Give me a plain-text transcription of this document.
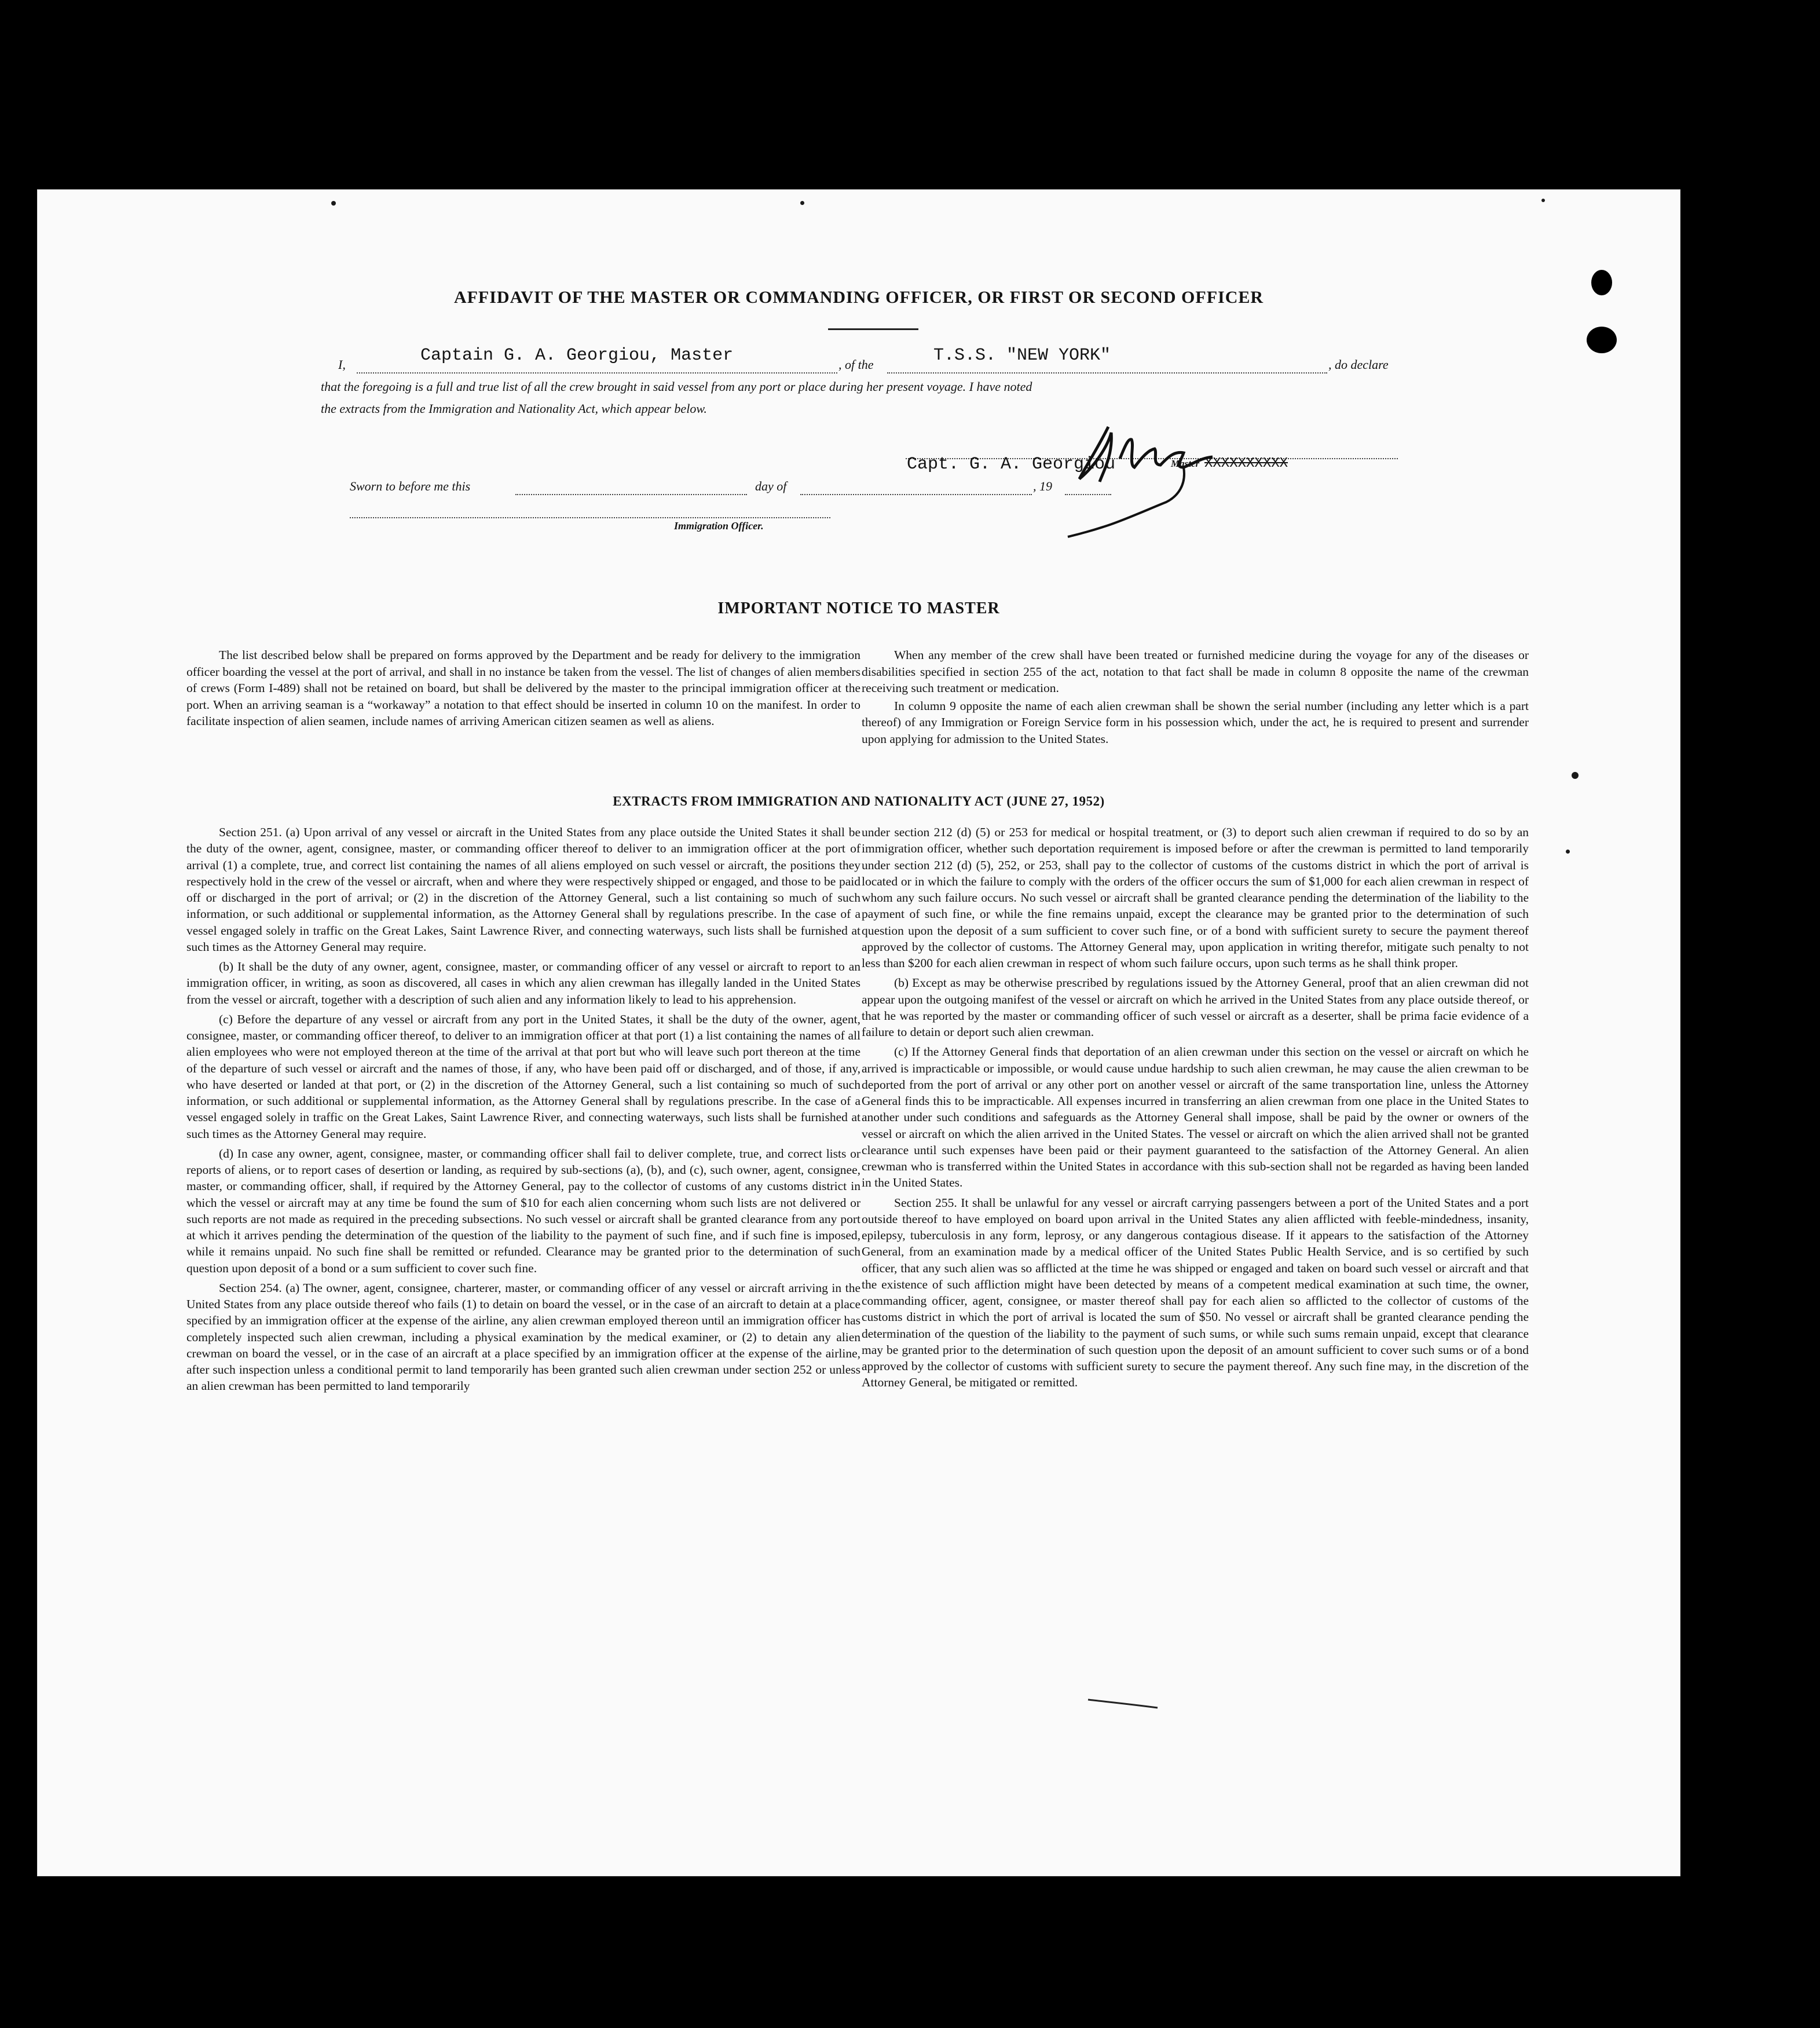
AFFIDAVIT OF THE MASTER OR COMMANDING OFFICER, OR FIRST OR SECOND OFFICER
I,	Captain G. A. Georgiou, Master	, of the	T.S.S. "NEW YORK"	, do declare
that the foregoing is a full and true list of all the crew brought in said vessel from any port or place during her present voyage. I have noted
the extracts from the Immigration and Nationality Act, which appear below.
Sworn to before me this	day of	, 19
Capt. G. A. Georgiou	Master XXXXXXXXXX
Immigration Officer.
IMPORTANT NOTICE TO MASTER

The list described below shall be prepared on forms approved by the Department and be ready for delivery to the immigration officer boarding the vessel at the port of arrival, and shall in no instance be taken from the vessel. The list of changes of alien members of crews (Form I-489) shall not be retained on board, but shall be delivered by the master to the principal immigration officer at the port. When an arriving seaman is a “workaway” a notation to that effect should be inserted in column 10 on the manifest. In order to facilitate inspection of alien seamen, include names of arriving American citizen seamen as well as aliens.

When any member of the crew shall have been treated or furnished medicine during the voyage for any of the diseases or disabilities specified in section 255 of the act, notation to that fact shall be made in column 8 opposite the name of the crewman receiving such treatment or medication.

In column 9 opposite the name of each alien crewman shall be shown the serial number (including any letter which is a part thereof) of any Immigration or Foreign Service form in his possession which, under the act, he is required to present and surrender upon applying for admission to the United States.

EXTRACTS FROM IMMIGRATION AND NATIONALITY ACT (JUNE 27, 1952)

Section 251. (a) Upon arrival of any vessel or aircraft in the United States from any place outside the United States it shall be the duty of the owner, agent, consignee, master, or commanding officer thereof to deliver to an immigration officer at the port of arrival (1) a complete, true, and correct list containing the names of all aliens employed on such vessel or aircraft, the positions they respectively hold in the crew of the vessel or aircraft, when and where they were respectively shipped or engaged, and those to be paid off or discharged in the port of arrival; or (2) in the discretion of the Attorney General, such a list containing so much of such information, or such additional or supplemental information, as the Attorney General shall by regulations prescribe. In the case of a vessel engaged solely in traffic on the Great Lakes, Saint Lawrence River, and connecting waterways, such lists shall be furnished at such times as the Attorney General may require.

(b) It shall be the duty of any owner, agent, consignee, master, or commanding officer of any vessel or aircraft to report to an immigration officer, in writing, as soon as discovered, all cases in which any alien crewman has illegally landed in the United States from the vessel or aircraft, together with a description of such alien and any information likely to lead to his apprehension.

(c) Before the departure of any vessel or aircraft from any port in the United States, it shall be the duty of the owner, agent, consignee, master, or commanding officer thereof, to deliver to an immigration officer at that port (1) a list containing the names of all alien employees who were not employed thereon at the time of the arrival at that port but who will leave such port thereon at the time of the departure of such vessel or aircraft and the names of those, if any, who have been paid off or discharged, and of those, if any, who have deserted or landed at that port, or (2) in the discretion of the Attorney General, such a list containing so much of such information, or such additional or supplemental information, as the Attorney General shall by regulations prescribe. In the case of a vessel engaged solely in traffic on the Great Lakes, Saint Lawrence River, and connecting waterways, such lists shall be furnished at such times as the Attorney General may require.

(d) In case any owner, agent, consignee, master, or commanding officer shall fail to deliver complete, true, and correct lists or reports of aliens, or to report cases of desertion or landing, as required by sub-sections (a), (b), and (c), such owner, agent, consignee, master, or commanding officer, shall, if required by the Attorney General, pay to the collector of customs of any customs district in which the vessel or aircraft may at any time be found the sum of $10 for each alien concerning whom such lists are not delivered or such reports are not made as required in the preceding subsections. No such vessel or aircraft shall be granted clearance from any port at which it arrives pending the determination of the question of the liability to the payment of such fine, and if such fine is imposed, while it remains unpaid. No such fine shall be remitted or refunded. Clearance may be granted prior to the determination of such question upon deposit of a bond or a sum sufficient to cover such fine.

Section 254. (a) The owner, agent, consignee, charterer, master, or commanding officer of any vessel or aircraft arriving in the United States from any place outside thereof who fails (1) to detain on board the vessel, or in the case of an aircraft to detain at a place specified by an immigration officer at the expense of the airline, any alien crewman employed thereon until an immigration officer has completely inspected such alien crewman, including a physical examination by the medical examiner, or (2) to detain any alien crewman on board the vessel, or in the case of an aircraft at a place specified by an immigration officer at the expense of the airline, after such inspection unless a conditional permit to land temporarily has been granted such alien crewman under section 252 or unless an alien crewman has been permitted to land temporarily

under section 212 (d) (5) or 253 for medical or hospital treatment, or (3) to deport such alien crewman if required to do so by an immigration officer, whether such deportation requirement is imposed before or after the crewman is permitted to land temporarily under section 212 (d) (5), 252, or 253, shall pay to the collector of customs of the customs district in which the port of arrival is located or in which the failure to comply with the orders of the officer occurs the sum of $1,000 for each alien crewman in respect of whom any such failure occurs. No such vessel or aircraft shall be granted clearance pending the determination of the liability to the payment of such fine, or while the fine remains unpaid, except the clearance may be granted prior to the determination of such question upon the deposit of a sum sufficient to cover such fine, or of a bond with sufficient surety to secure the payment thereof approved by the collector of customs. The Attorney General may, upon application in writing therefor, mitigate such penalty to not less than $200 for each alien crewman in respect of whom such failure occurs, upon such terms as he shall think proper.

(b) Except as may be otherwise prescribed by regulations issued by the Attorney General, proof that an alien crewman did not appear upon the outgoing manifest of the vessel or aircraft on which he arrived in the United States from any place outside thereof, or that he was reported by the master or commanding officer of such vessel or aircraft as a deserter, shall be prima facie evidence of a failure to detain or deport such alien crewman.

(c) If the Attorney General finds that deportation of an alien crewman under this section on the vessel or aircraft on which he arrived is impracticable or impossible, or would cause undue hardship to such alien crewman, he may cause the alien crewman to be deported from the port of arrival or any other port on another vessel or aircraft of the same transportation line, unless the Attorney General finds this to be impracticable. All expenses incurred in transferring an alien crewman from one place in the United States to another under such conditions and safeguards as the Attorney General shall impose, shall be paid by the owner or owners of the vessel or aircraft on which the alien arrived in the United States. The vessel or aircraft on which the alien arrived shall not be granted clearance until such expenses have been paid or their payment guaranteed to the satisfaction of the Attorney General. An alien crewman who is transferred within the United States in accordance with this sub-section shall not be regarded as having been landed in the United States.

Section 255. It shall be unlawful for any vessel or aircraft carrying passengers between a port of the United States and a port outside thereof to have employed on board upon arrival in the United States any alien afflicted with feeble-mindedness, insanity, epilepsy, tuberculosis in any form, leprosy, or any dangerous contagious disease. If it appears to the satisfaction of the Attorney General, from an examination made by a medical officer of the United States Public Health Service, and is so certified by such officer, that any such alien was so afflicted at the time he was shipped or engaged and taken on board such vessel or aircraft and that the existence of such affliction might have been detected by means of a competent medical examination at such time, the owner, commanding officer, agent, consignee, or master thereof shall pay for each alien so afflicted to the collector of customs of the customs district in which the port of arrival is located the sum of $50. No vessel or aircraft shall be granted clearance pending the determination of the question of the liability to the payment of such sums, or while such sums remain unpaid, except that clearance may be granted prior to the determination of such question upon the deposit of an amount sufficient to cover such sums or of a bond approved by the collector of customs with sufficient surety to secure the payment thereof. Any such fine may, in the discretion of the Attorney General, be mitigated or remitted.
